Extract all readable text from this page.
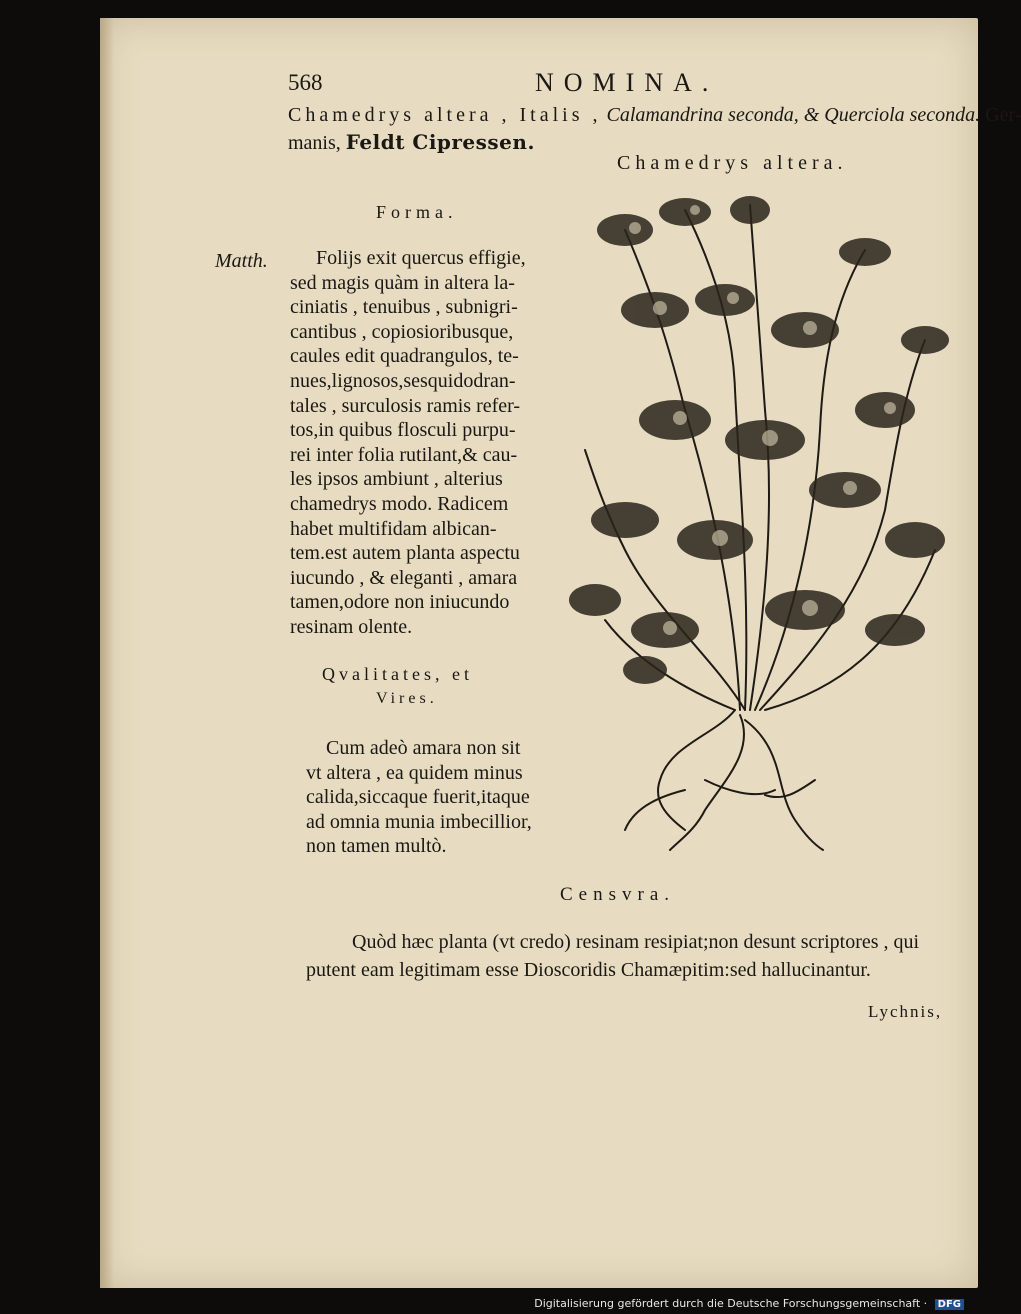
568	NOMINA.
Chamedrys altera , Italis , Calamandrina seconda, & Querciola seconda. Ger-
manis, Feldt Cipressen.
Chamedrys altera.
Forma.
Matth.	Folijs exit quercus effigie,
sed magis quàm in altera la-
ciniatis , tenuibus , subnigri-
cantibus , copiosioribusque,
caules edit quadrangulos, te-
nues,lignosos,sesquidodran-
tales , surculosis ramis refer-
tos,in quibus flosculi purpu-
rei inter folia rutilant,& cau-
les ipsos ambiunt , alterius
chamedrys modo. Radicem
habet multifidam albican-
tem.est autem planta aspectu
iucundo , & eleganti , amara
tamen,odore non iniucundo
resinam olente.
Qvalitates, et
Vires.
Cum adeò amara non sit
vt altera , ea quidem minus
calida,siccaque fuerit,itaque
ad omnia munia imbecillior,
non tamen multò.
Censvra.
Quòd hæc planta (vt credo) resinam resipiat;non desunt scriptores , qui
putent eam legitimam esse Dioscoridis Chamæpitim:sed hallucinantur.
Lychnis,
Digitalisierung gefördert durch die Deutsche Forschungsgemeinschaft · DFG
